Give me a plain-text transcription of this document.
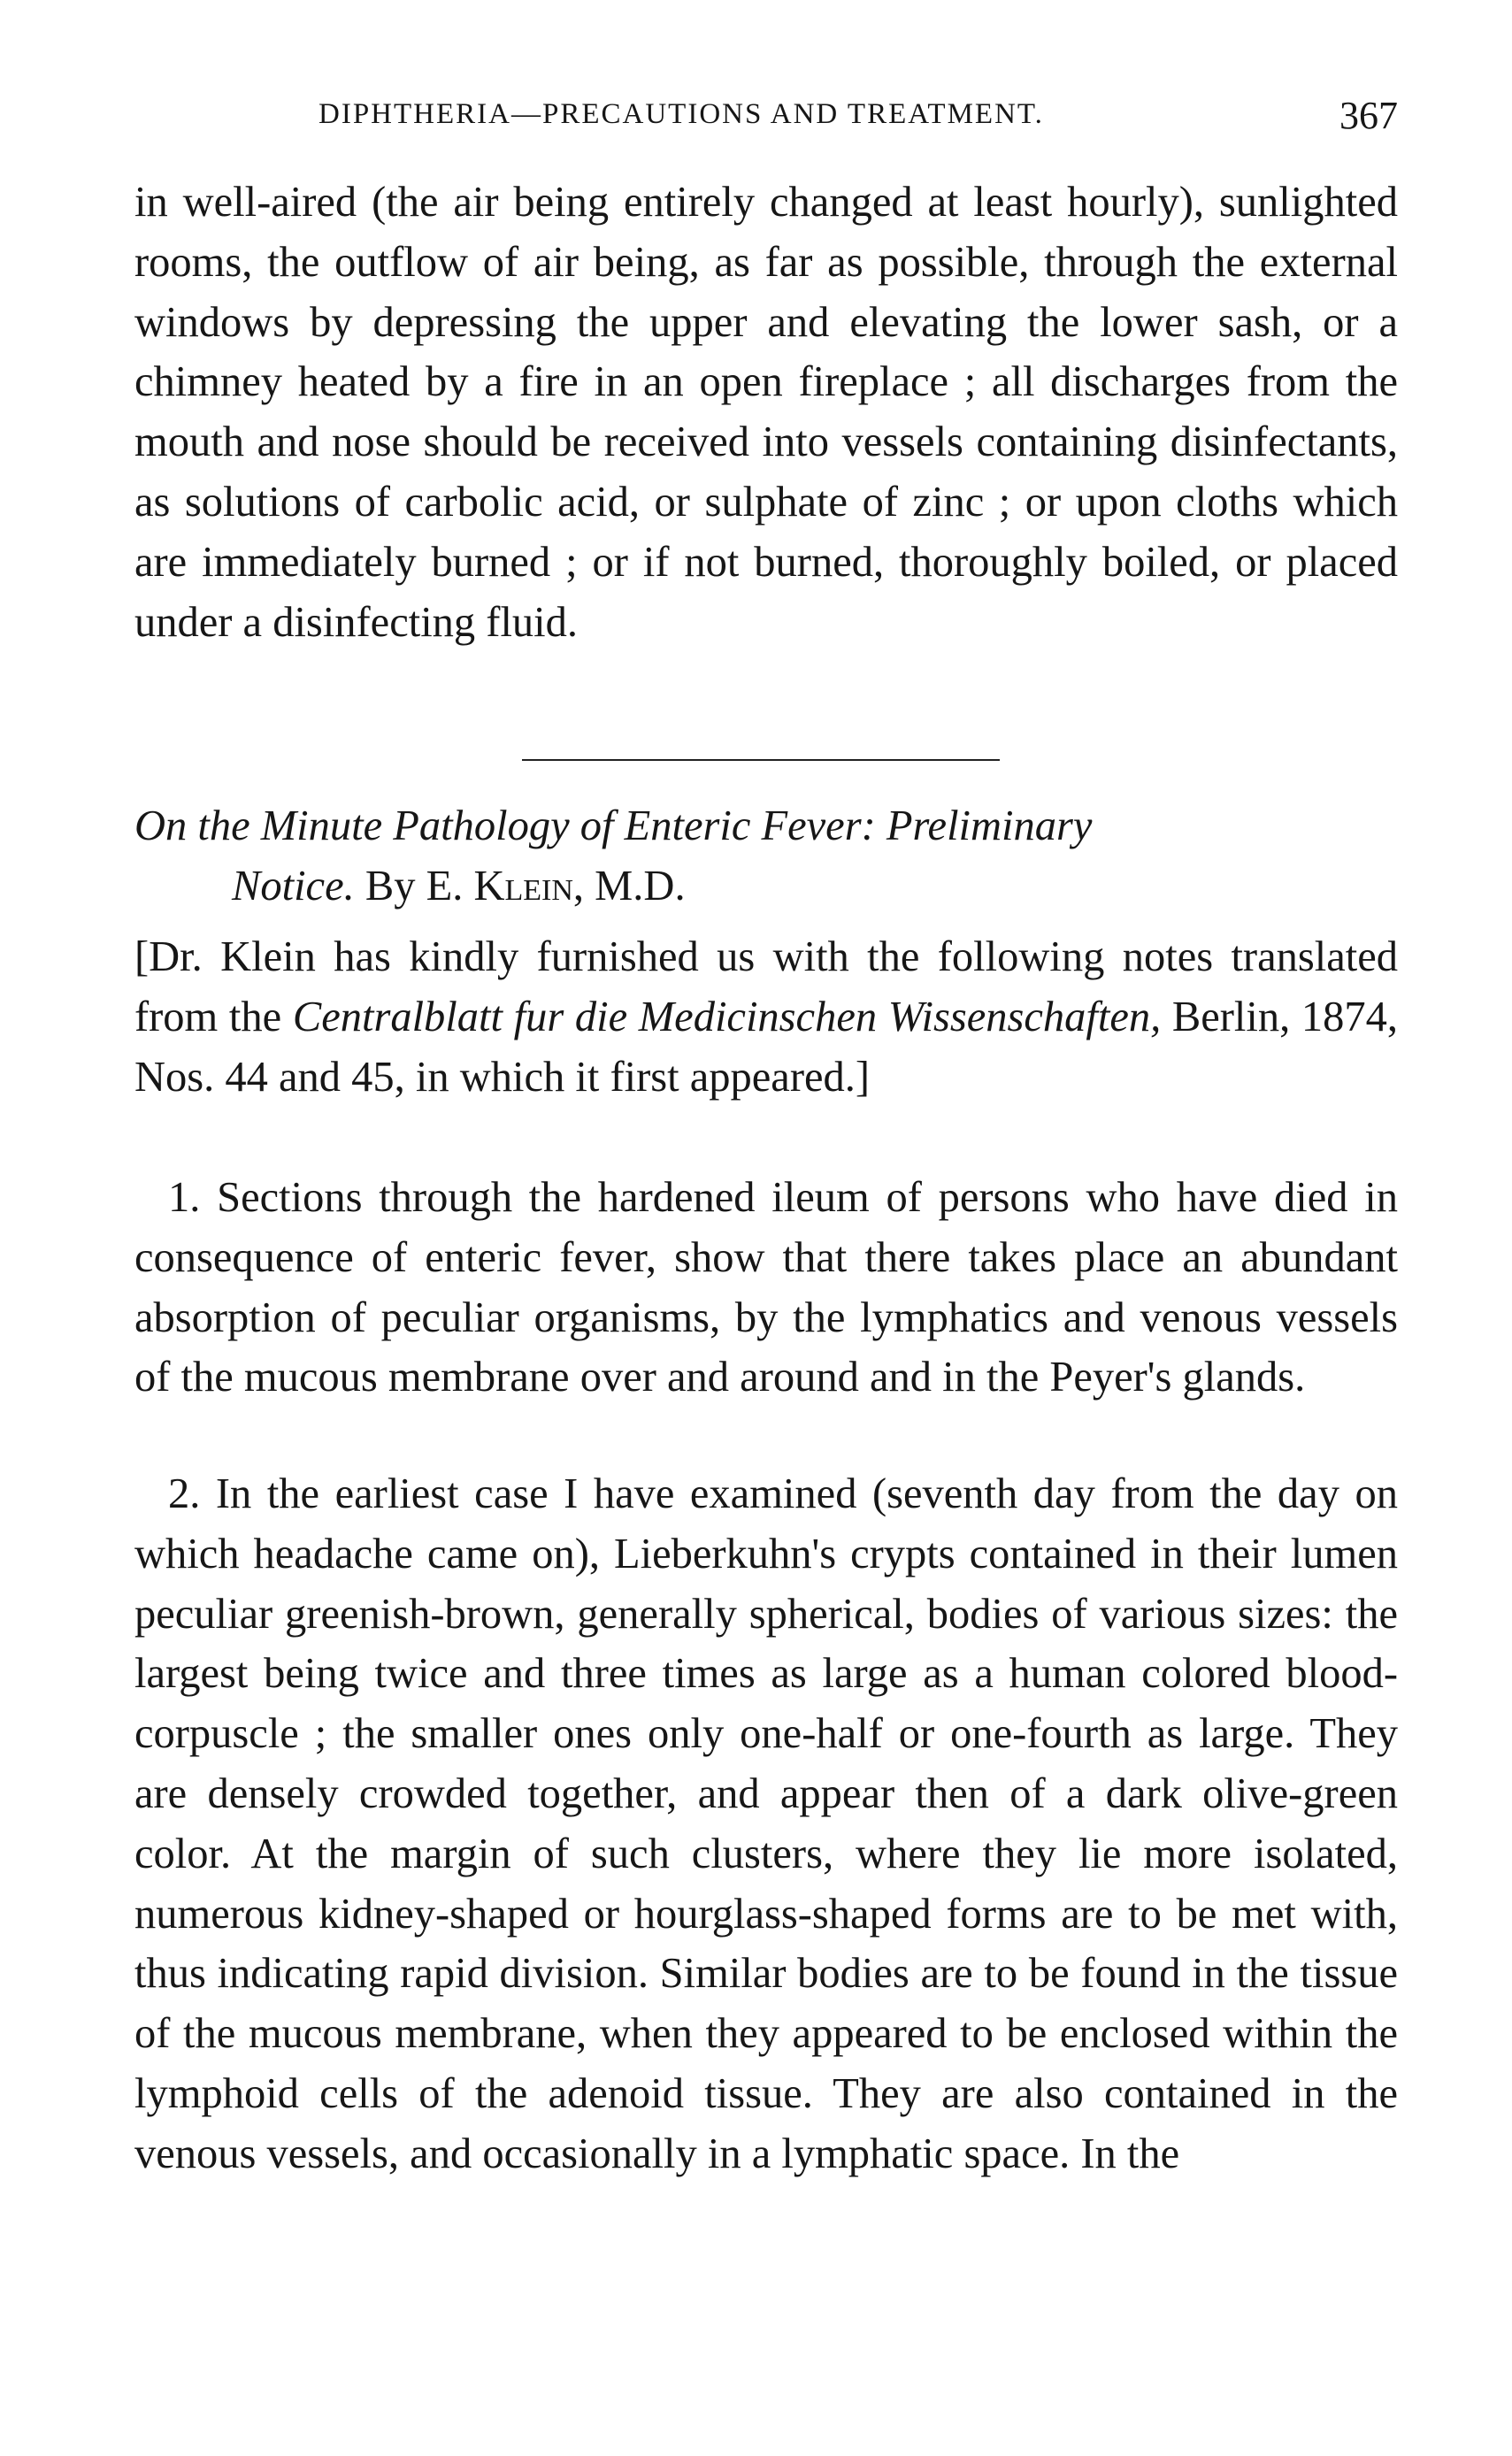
DIPHTHERIA—PRECAUTIONS AND TREATMENT.	367

in well-aired (the air being entirely changed at least hourly), sunlighted rooms, the outflow of air being, as far as possible, through the external windows by depressing the upper and elevating the lower sash, or a chimney heated by a fire in an open fireplace ; all discharges from the mouth and nose should be received into vessels containing disinfectants, as solutions of carbolic acid, or sulphate of zinc ; or upon cloths which are immediately burned ; or if not burned, thoroughly boiled, or placed under a disinfecting fluid.

On the Minute Pathology of Enteric Fever: Preliminary
Notice. By E. Klein, M.D.

[Dr. Klein has kindly furnished us with the following notes translated from the Centralblatt fur die Medicinschen Wissenschaften, Berlin, 1874, Nos. 44 and 45, in which it first appeared.]

1. Sections through the hardened ileum of persons who have died in consequence of enteric fever, show that there takes place an abundant absorption of peculiar organisms, by the lymphatics and venous vessels of the mucous membrane over and around and in the Peyer's glands.

2. In the earliest case I have examined (seventh day from the day on which headache came on), Lieberkuhn's crypts contained in their lumen peculiar greenish-brown, generally spherical, bodies of various sizes: the largest being twice and three times as large as a human colored blood-corpuscle ; the smaller ones only one-half or one-fourth as large. They are densely crowded together, and appear then of a dark olive-green color. At the margin of such clusters, where they lie more isolated, numerous kidney-shaped or hourglass-shaped forms are to be met with, thus indicating rapid division. Similar bodies are to be found in the tissue of the mucous membrane, when they appeared to be enclosed within the lymphoid cells of the adenoid tissue. They are also contained in the venous vessels, and occasionally in a lymphatic space. In the
